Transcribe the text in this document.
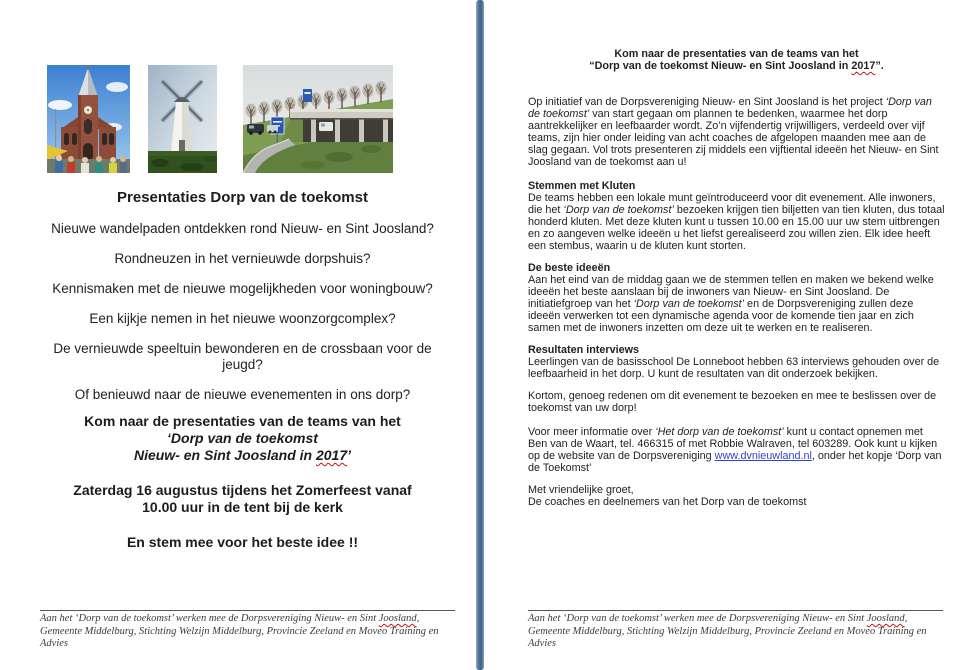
Presentaties Dorp van de toekomst

Nieuwe wandelpaden ontdekken rond Nieuw- en Sint Joosland?

Rondneuzen in het vernieuwde dorpshuis?

Kennismaken met de nieuwe mogelijkheden voor woningbouw?

Een kijkje nemen in het nieuwe woonzorgcomplex?

De vernieuwde speeltuin bewonderen en de crossbaan voor de jeugd?

Of benieuwd naar de nieuwe evenementen in ons dorp?

Kom naar de presentaties van de teams van het

‘Dorp van de toekomst

Nieuw- en Sint Joosland in 2017’

Zaterdag 16 augustus tijdens het Zomerfeest vanaf

10.00 uur in de tent bij de kerk

En stem mee voor het beste idee !!

Aan het ‘Dorp van de toekomst’ werken mee de Dorpsvereniging Nieuw- en Sint Joosland, Gemeente Middelburg, Stichting Welzijn Middelburg, Provincie Zeeland en Moveo Training en Advies

Kom naar de presentaties van de teams van het

“Dorp van de toekomst Nieuw- en Sint Joosland in 2017”.

Op initiatief van de Dorpsvereniging Nieuw- en Sint Joosland is het project ‘Dorp van de toekomst’ van start gegaan om plannen te bedenken, waarmee het dorp aantrekkelijker en leefbaarder wordt. Zo’n vijfendertig vrijwilligers, verdeeld over vijf teams, zijn hier onder leiding van acht coaches de afgelopen maanden mee aan de slag gegaan. Vol trots presenteren zij middels een vijftiental ideeën het Nieuw- en Sint Joosland van de toekomst aan u!

Stemmen met Kluten

De teams hebben een lokale munt geïntroduceerd voor dit evenement. Alle inwoners, die het ‘Dorp van de toekomst’ bezoeken krijgen tien biljetten van tien kluten, dus totaal honderd kluten. Met deze kluten kunt u tussen 10.00 en 15.00 uur uw stem uitbrengen en zo aangeven welke ideeën u het liefst gerealiseerd zou willen zien. Elk idee heeft een stembus, waarin u de kluten kunt storten.

De beste ideeën

Aan het eind van de middag gaan we de stemmen tellen en maken we bekend welke ideeën het beste aanslaan bij de inwoners van Nieuw- en Sint Joosland. De initiatiefgroep van het ‘Dorp van de toekomst’ en de Dorpsvereniging zullen deze ideeën verwerken tot een dynamische agenda voor de komende tien jaar en zich samen met de inwoners inzetten om deze uit te werken en te realiseren.

Resultaten interviews

Leerlingen van de basisschool De Lonneboot hebben 63 interviews gehouden over de leefbaarheid in het dorp. U kunt de resultaten van dit onderzoek bekijken.

Kortom, genoeg redenen om dit evenement te bezoeken en mee te beslissen over de toekomst van uw dorp!

Voor meer informatie over ‘Het dorp van de toekomst’ kunt u contact opnemen met Ben van de Waart, tel. 466315 of met Robbie Walraven, tel 603289. Ook kunt u kijken op de website van de Dorpsvereniging www.dvnieuwland.nl, onder het kopje ‘Dorp van de Toekomst’

Met vriendelijke groet,

De coaches en deelnemers van het Dorp van de toekomst

Aan het ‘Dorp van de toekomst’ werken mee de Dorpsvereniging Nieuw- en Sint Joosland, Gemeente Middelburg, Stichting Welzijn Middelburg, Provincie Zeeland en Moveo Training en Advies
